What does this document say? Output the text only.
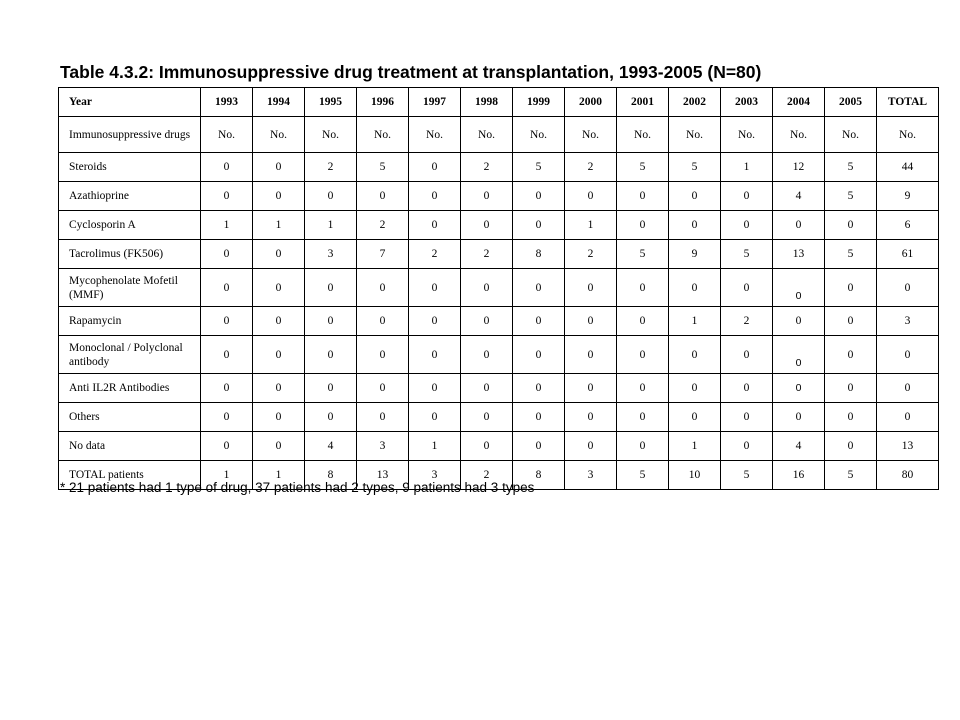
Table 4.3.2: Immunosuppressive drug treatment at transplantation, 1993-2005 (N=80)
Year	1993	1994	1995	1996	1997	1998	1999	2000	2001	2002	2003	2004	2005	TOTAL
Immunosuppressive drugs	No.	No.	No.	No.	No.	No.	No.	No.	No.	No.	No.	No.	No.	No.
Steroids	0	0	2	5	0	2	5	2	5	5	1	12	5	44
Azathioprine	0	0	0	0	0	0	0	0	0	0	0	4	5	9
Cyclosporin A	1	1	1	2	0	0	0	1	0	0	0	0	0	6
Tacrolimus (FK506)	0	0	3	7	2	2	8	2	5	9	5	13	5	61
Mycophenolate Mofetil (MMF)	0	0	0	0	0	0	0	0	0	0	0	0	0	0
Rapamycin	0	0	0	0	0	0	0	0	0	1	2	0	0	3
Monoclonal / Polyclonal antibody	0	0	0	0	0	0	0	0	0	0	0	0	0	0
Anti IL2R Antibodies	0	0	0	0	0	0	0	0	0	0	0	0	0	0
Others	0	0	0	0	0	0	0	0	0	0	0	0	0	0
No data	0	0	4	3	1	0	0	0	0	1	0	4	0	13
TOTAL patients	1	1	8	13	3	2	8	3	5	10	5	16	5	80
* 21 patients had 1 type of drug, 37 patients had 2 types, 9 patients had 3 types
